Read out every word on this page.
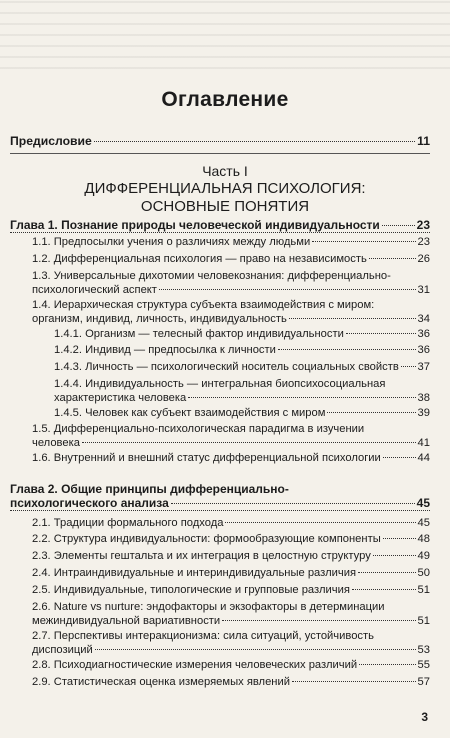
Оглавление
Предисловие	11
Часть I
ДИФФЕРЕНЦИАЛЬНАЯ ПСИХОЛОГИЯ:
ОСНОВНЫЕ ПОНЯТИЯ
Глава 1. Познание природы человеческой индивидуальности	23
1.1. Предпосылки учения о различиях между людьми	23
1.2. Дифференциальная психология — право на независимость	26
1.3. Универсальные дихотомии человекознания: дифференциально-
психологический аспект	31
1.4. Иерархическая структура субъекта взаимодействия с миром:
организм, индивид, личность, индивидуальность	34
1.4.1. Организм — телесный фактор индивидуальности	36
1.4.2. Индивид — предпосылка к личности	36
1.4.3. Личность — психологический носитель социальных свойств 37
1.4.4. Индивидуальность — интегральная биопсихосоциальная
характеристика человека	38
1.4.5. Человек как субъект взаимодействия с миром	39
1.5. Дифференциально-психологическая парадигма в изучении
человека	41
1.6. Внутренний и внешний статус дифференциальной психологии	44
Глава 2. Общие принципы дифференциально-
психологического анализа	45
2.1. Традиции формального подхода	45
2.2. Структура индивидуальности: формообразующие компоненты	48
2.3. Элементы гештальта и их интеграция в целостную структуру	49
2.4. Интраиндивидуальные и интериндивидуальные различия	50
2.5. Индивидуальные, типологические и групповые различия	51
2.6. Nature vs nurture: эндофакторы и экзофакторы в детерминации
межиндивидуальной вариативности	51
2.7. Перспективы интеракционизма: сила ситуаций, устойчивость
диспозиций	53
2.8. Психодиагностические измерения человеческих различий	55
2.9. Статистическая оценка измеряемых явлений	57
3
